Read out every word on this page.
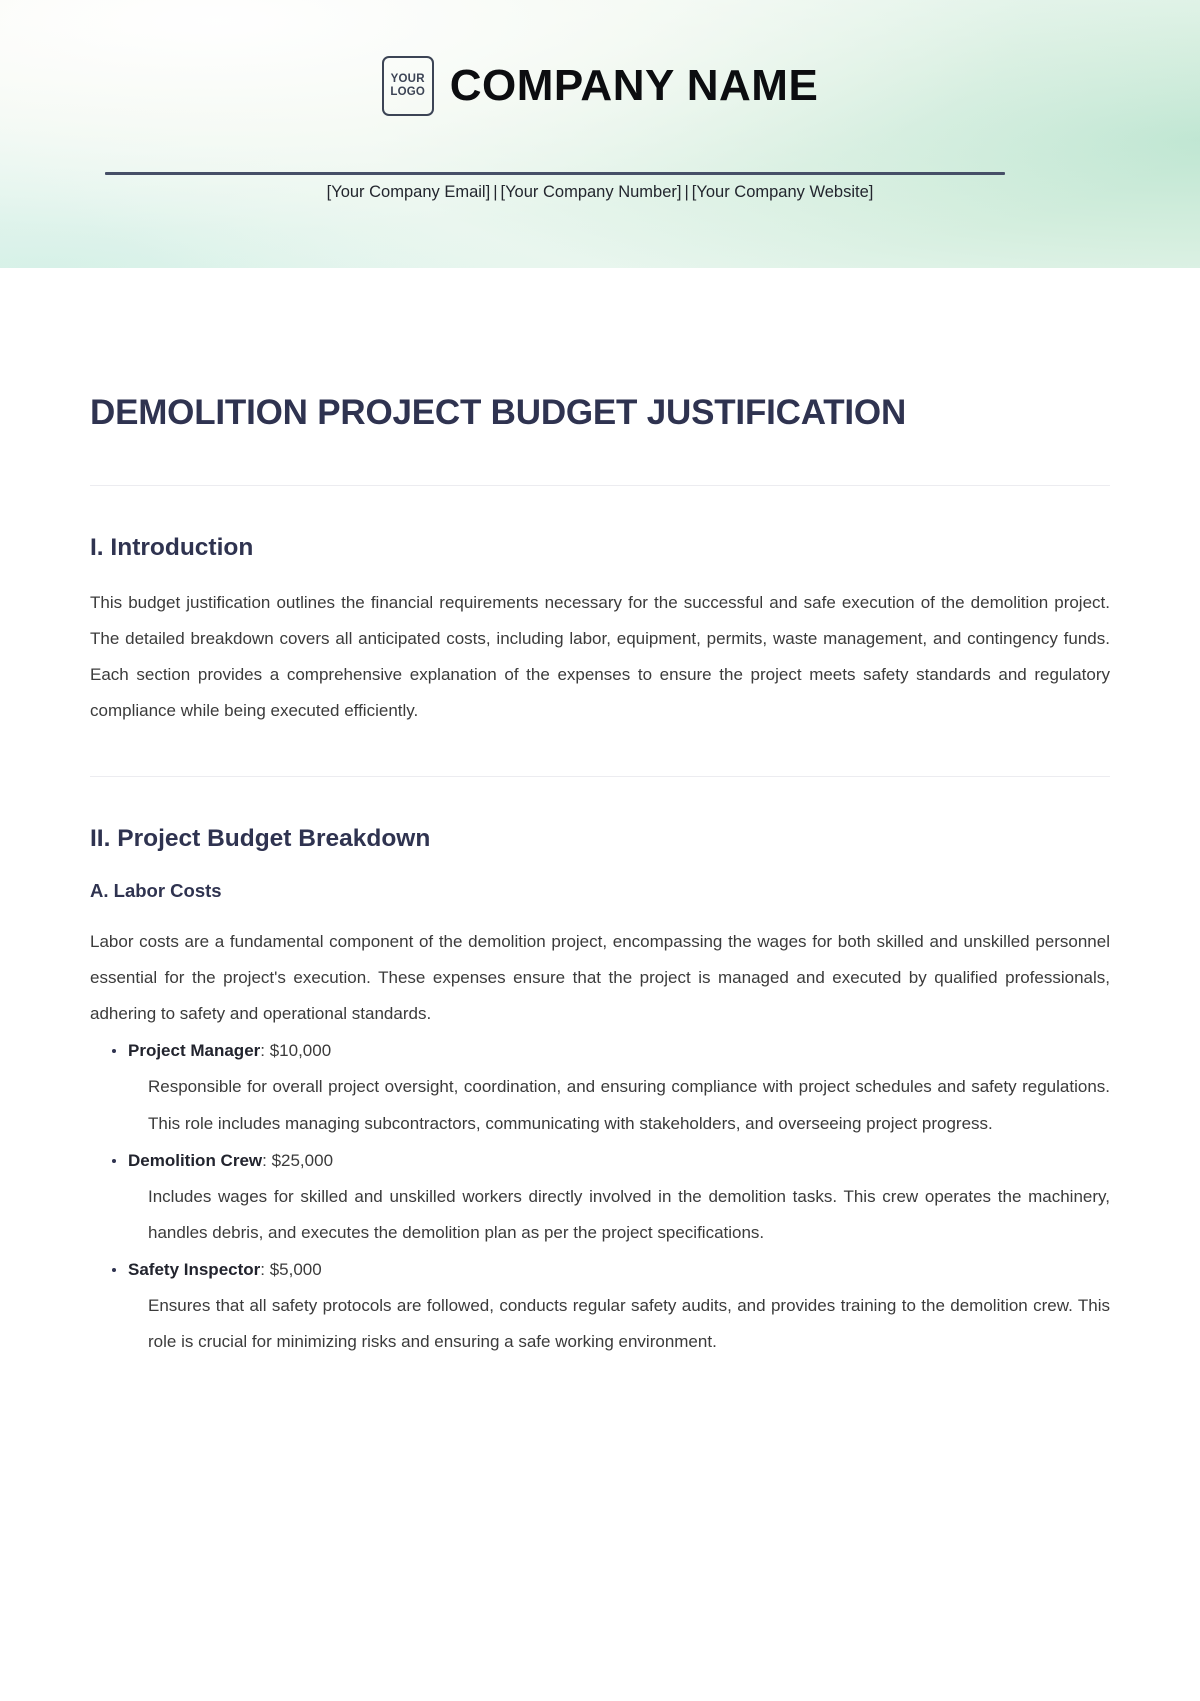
YOUR
LOGO COMPANY NAME
[Your Company Email] | [Your Company Number] | [Your Company Website]
DEMOLITION PROJECT BUDGET JUSTIFICATION
I. Introduction

This budget justification outlines the financial requirements necessary for the successful and safe execution of the demolition project. The detailed breakdown covers all anticipated costs, including labor, equipment, permits, waste management, and contingency funds. Each section provides a comprehensive explanation of the expenses to ensure the project meets safety standards and regulatory compliance while being executed efficiently.

II. Project Budget Breakdown
A. Labor Costs

Labor costs are a fundamental component of the demolition project, encompassing the wages for both skilled and unskilled personnel essential for the project's execution. These expenses ensure that the project is managed and executed by qualified professionals, adhering to safety and operational standards.

Project Manager: $10,000

Responsible for overall project oversight, coordination, and ensuring compliance with project schedules and safety regulations. This role includes managing subcontractors, communicating with stakeholders, and overseeing project progress.

Demolition Crew: $25,000

Includes wages for skilled and unskilled workers directly involved in the demolition tasks. This crew operates the machinery, handles debris, and executes the demolition plan as per the project specifications.

Safety Inspector: $5,000

Ensures that all safety protocols are followed, conducts regular safety audits, and provides training to the demolition crew. This role is crucial for minimizing risks and ensuring a safe working environment.
